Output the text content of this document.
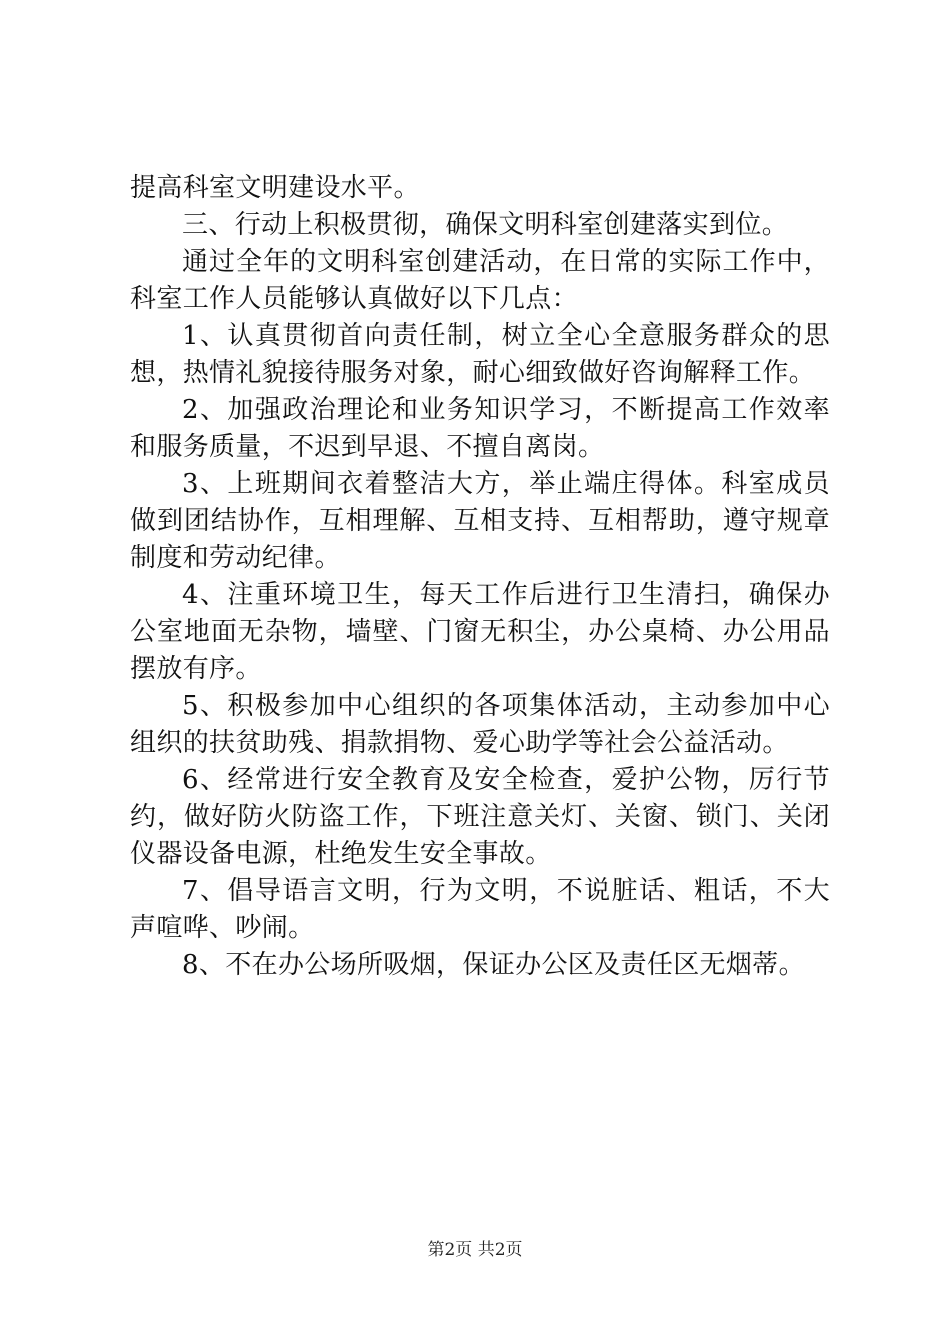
提高科室文明建设水平。

三、行动上积极贯彻，确保文明科室创建落实到位。

通过全年的文明科室创建活动，在日常的实际工作中，科室工作人员能够认真做好以下几点：

1、认真贯彻首向责任制，树立全心全意服务群众的思想，热情礼貌接待服务对象，耐心细致做好咨询解释工作。

2、加强政治理论和业务知识学习，不断提高工作效率和服务质量，不迟到早退、不擅自离岗。

3、上班期间衣着整洁大方，举止端庄得体。科室成员做到团结协作，互相理解、互相支持、互相帮助，遵守规章制度和劳动纪律。

4、注重环境卫生，每天工作后进行卫生清扫，确保办公室地面无杂物，墙壁、门窗无积尘，办公桌椅、办公用品摆放有序。

5、积极参加中心组织的各项集体活动，主动参加中心组织的扶贫助残、捐款捐物、爱心助学等社会公益活动。

6、经常进行安全教育及安全检查，爱护公物，厉行节约，做好防火防盗工作，下班注意关灯、关窗、锁门、关闭仪器设备电源，杜绝发生安全事故。

7、倡导语言文明，行为文明，不说脏话、粗话，不大声喧哗、吵闹。

8、不在办公场所吸烟，保证办公区及责任区无烟蒂。

第2页 共2页
